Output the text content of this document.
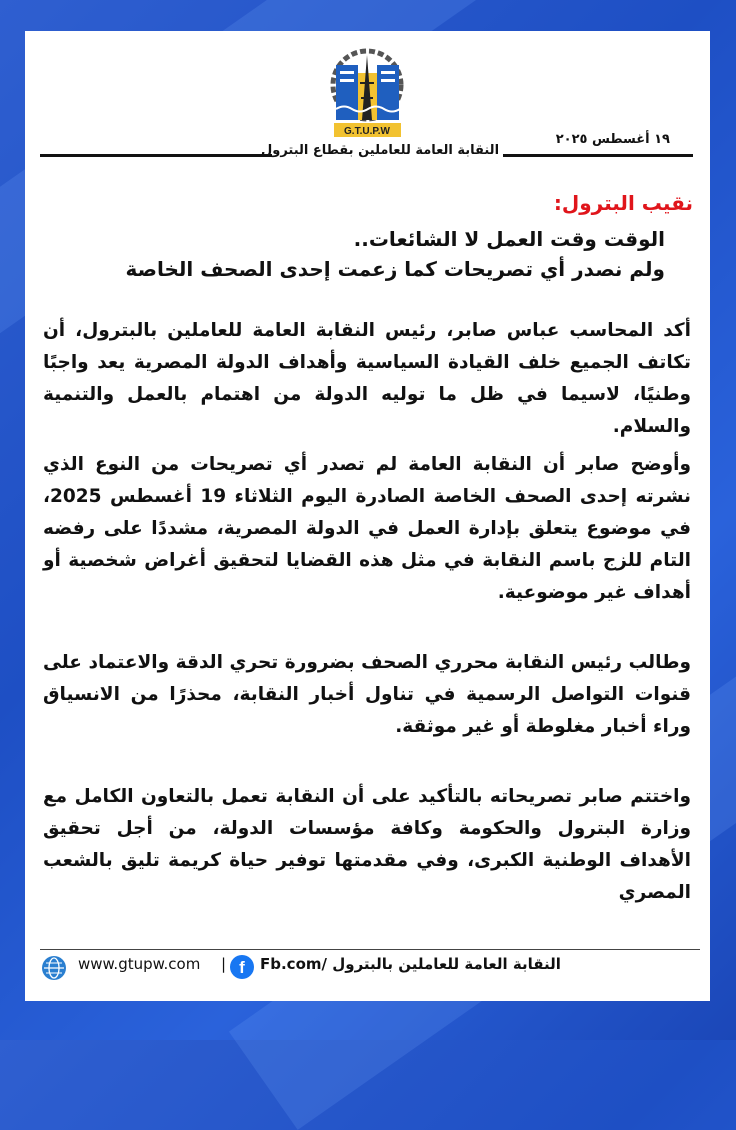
G.T.U.P.W
١٩ أغسطس ٢٠٢٥
النقابة العامة للعاملين بقطاع البترول
نقيب البترول:
الوقت وقت العمل لا الشائعات..
ولم نصدر أي تصريحات كما زعمت إحدى الصحف الخاصة

أكد المحاسب عباس صابر، رئيس النقابة العامة للعاملين بالبترول، أن تكاتف الجميع خلف القيادة السياسية وأهداف الدولة المصرية يعد واجبًا وطنيًا، لاسيما في ظل ما توليه الدولة من اهتمام بالعمل والتنمية والسلام.

وأوضح صابر أن النقابة العامة لم تصدر أي تصريحات من النوع الذي نشرته إحدى الصحف الخاصة الصادرة اليوم الثلاثاء 19 أغسطس 2025، في موضوع يتعلق بإدارة العمل في الدولة المصرية، مشددًا على رفضه التام للزج باسم النقابة في مثل هذه القضايا لتحقيق أغراض شخصية أو أهداف غير موضوعية.

وطالب رئيس النقابة محرري الصحف بضرورة تحري الدقة والاعتماد على قنوات التواصل الرسمية في تناول أخبار النقابة، محذرًا من الانسياق وراء أخبار مغلوطة أو غير موثقة.

واختتم صابر تصريحاته بالتأكيد على أن النقابة تعمل بالتعاون الكامل مع وزارة البترول والحكومة وكافة مؤسسات الدولة، من أجل تحقيق الأهداف الوطنية الكبرى، وفي مقدمتها توفير حياة كريمة تليق بالشعب المصري

www.gtupw.com | f	Fb.com/ النقابة العامة للعاملين بالبترول
